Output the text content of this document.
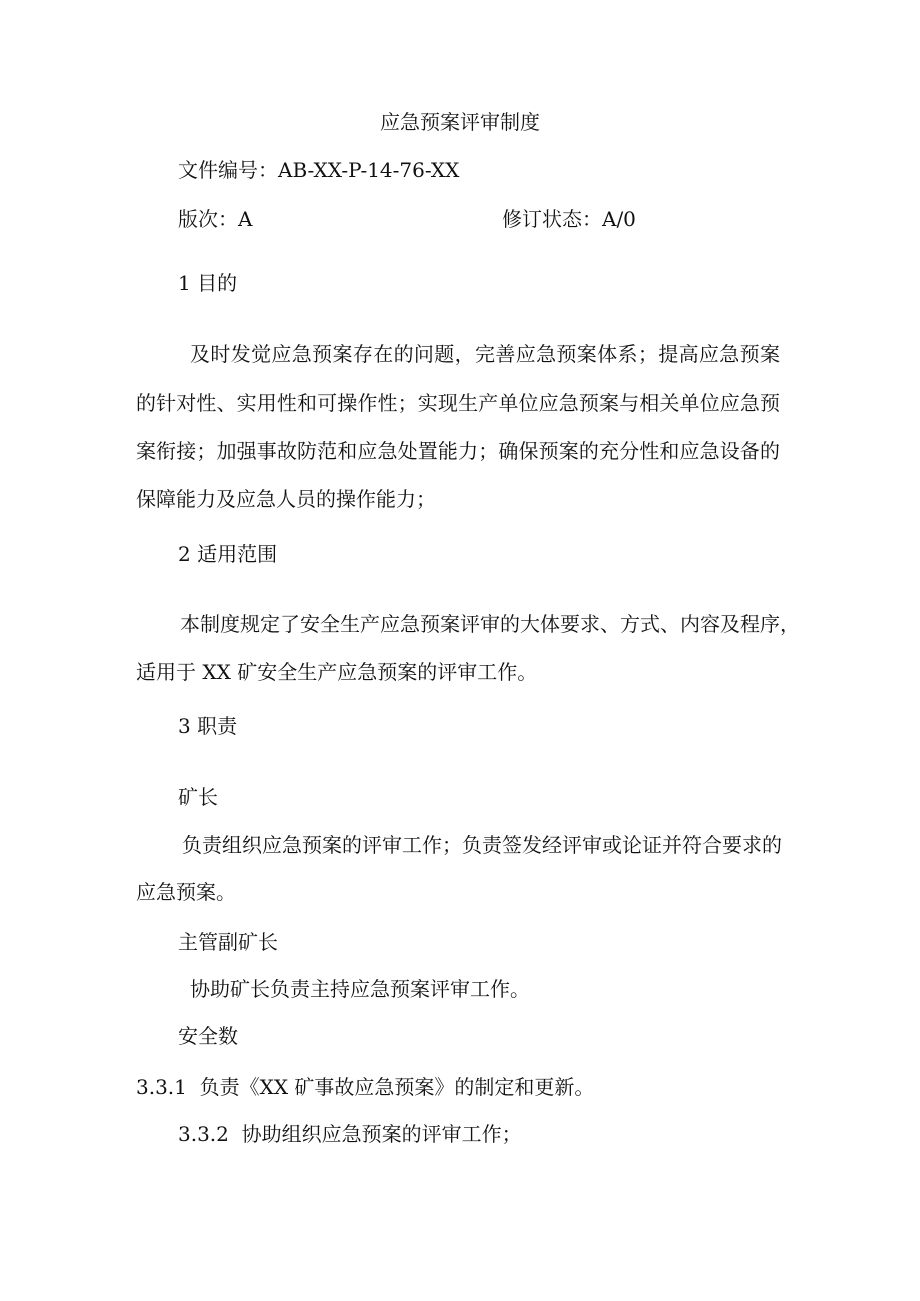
应急预案评审制度
文件编号：AB-XX-P-14-76-XX
版次：A	修订状态：A/0
1 目的
及时发觉应急预案存在的问题，完善应急预案体系；提高应急预案
的针对性、实用性和可操作性；实现生产单位应急预案与相关单位应急预
案衔接；加强事故防范和应急处置能力；确保预案的充分性和应急设备的
保障能力及应急人员的操作能力；
2 适用范围
本制度规定了安全生产应急预案评审的大体要求、方式、内容及程序，
适用于 XX 矿安全生产应急预案的评审工作。
3 职责
矿长
负责组织应急预案的评审工作；负责签发经评审或论证并符合要求的
应急预案。
主管副矿长
协助矿长负责主持应急预案评审工作。
安全数
3.3.1  负责《XX 矿事故应急预案》的制定和更新。
3.3.2  协助组织应急预案的评审工作；
